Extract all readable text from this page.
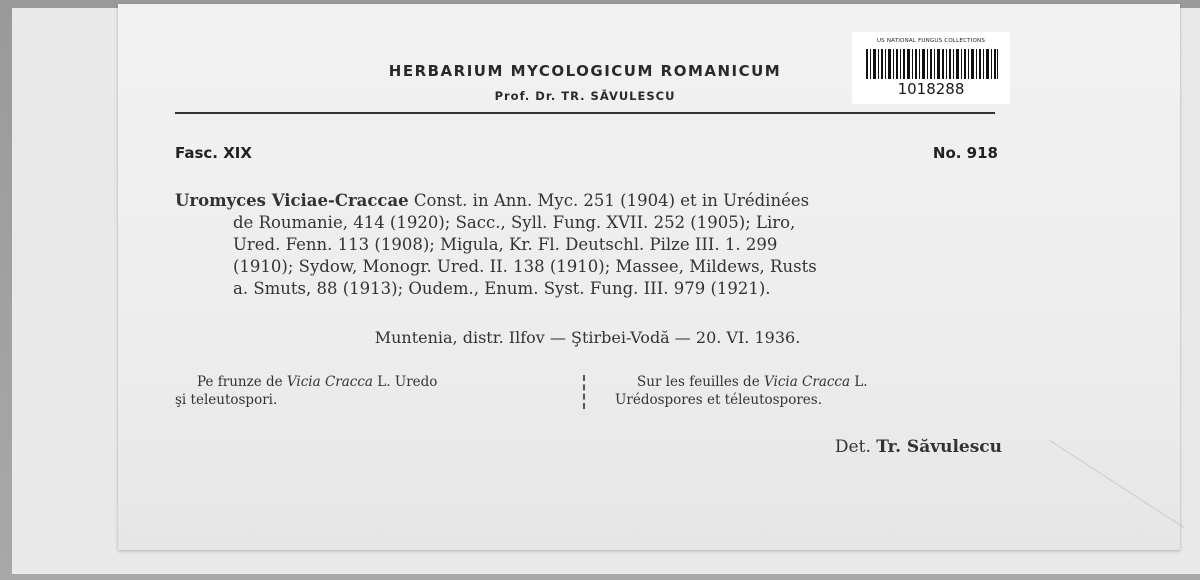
HERBARIUM MYCOLOGICUM ROMANICUM
Prof. Dr. TR. SĂVULESCU
US NATIONAL FUNGUS COLLECTIONS
1018288
Fasc. XIX	No. 918
Uromyces Viciae-Craccae Const. in Ann. Myc. 251 (1904) et in Urédinées
de Roumanie, 414 (1920); Sacc., Syll. Fung. XVII. 252 (1905); Liro,
Ured. Fenn. 113 (1908); Migula, Kr. Fl. Deutschl. Pilze III. 1. 299
(1910); Sydow, Monogr. Ured. II. 138 (1910); Massee, Mildews, Rusts
a. Smuts, 88 (1913); Oudem., Enum. Syst. Fung. III. 979 (1921).
Muntenia, distr. Ilfov — Ştirbei-Vodă — 20. VI. 1936.
Pe frunze de Vicia Cracca L. Uredo
şi teleutospori.
Sur les feuilles de Vicia Cracca L.
Urédospores et téleutospores.
Det. Tr. Săvulescu
